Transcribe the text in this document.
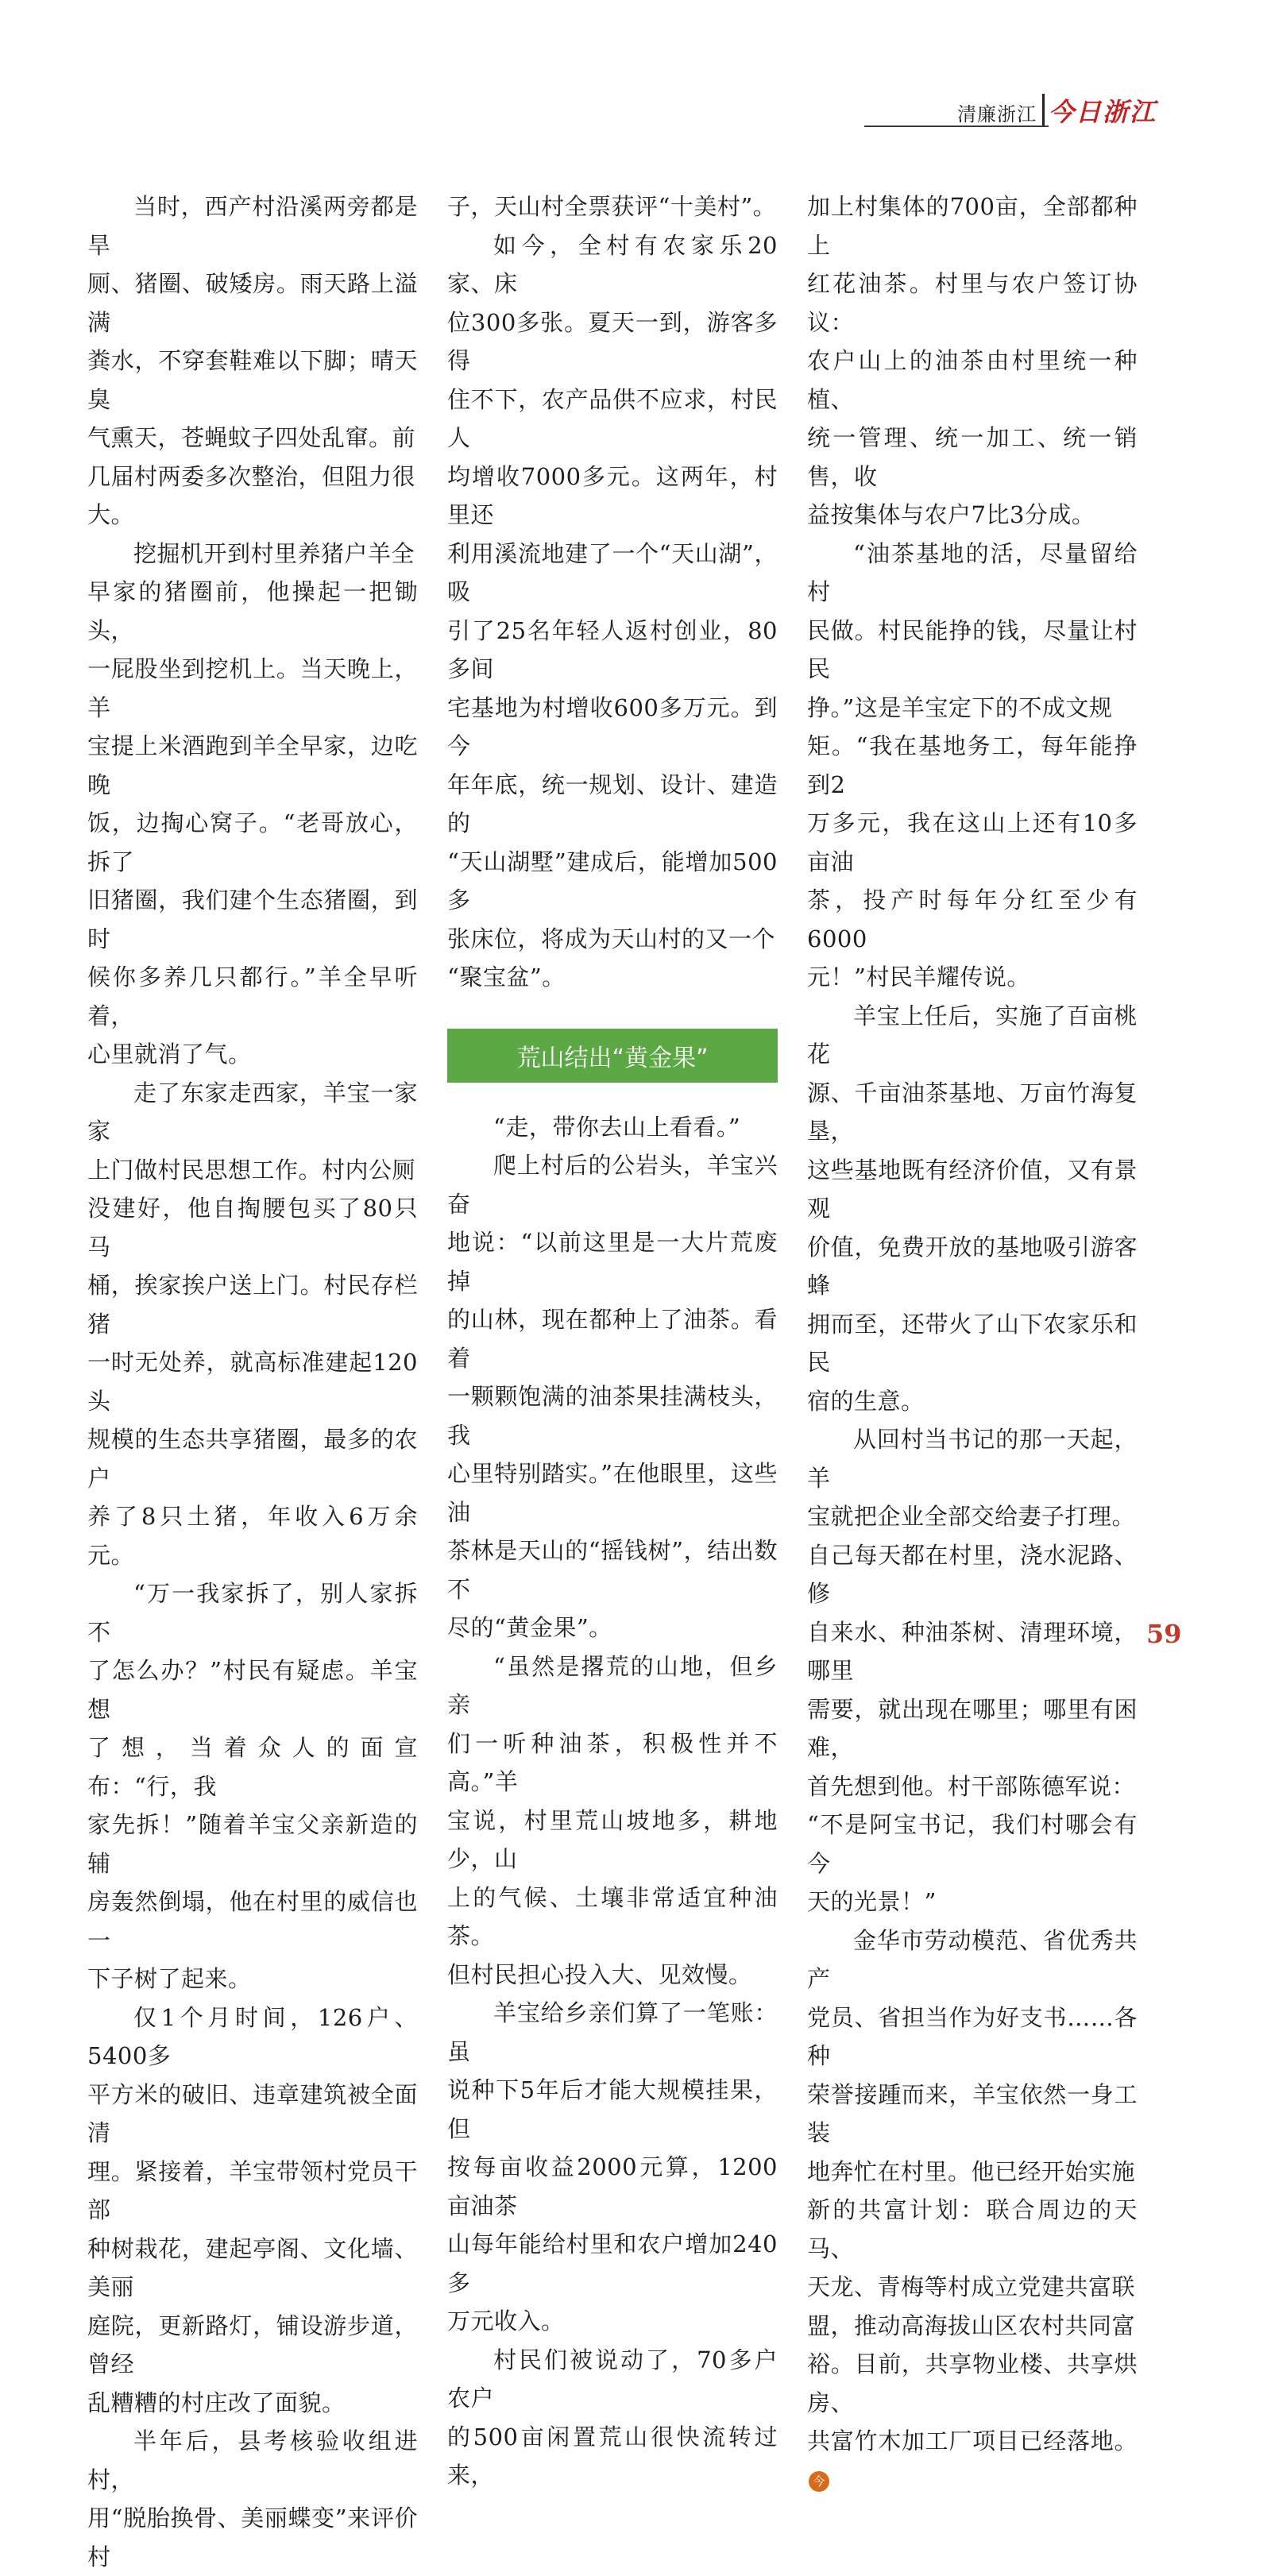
清廉浙江 今日浙江

当时，西产村沿溪两旁都是旱
厕、猪圈、破矮房。雨天路上溢满
粪水，不穿套鞋难以下脚；晴天臭
气熏天，苍蝇蚊子四处乱窜。前
几届村两委多次整治，但阻力很
大。

挖掘机开到村里养猪户羊全
早家的猪圈前，他操起一把锄头，
一屁股坐到挖机上。当天晚上，羊
宝提上米酒跑到羊全早家，边吃晚
饭，边掏心窝子。“老哥放心，拆了
旧猪圈，我们建个生态猪圈，到时
候你多养几只都行。”羊全早听着，
心里就消了气。

走了东家走西家，羊宝一家家
上门做村民思想工作。村内公厕
没建好，他自掏腰包买了80只马
桶，挨家挨户送上门。村民存栏猪
一时无处养，就高标准建起120头
规模的生态共享猪圈，最多的农户
养了8只土猪，年收入6万余元。

“万一我家拆了，别人家拆不
了怎么办？”村民有疑虑。羊宝想
了想，当着众人的面宣布：“行，我
家先拆！”随着羊宝父亲新造的辅
房轰然倒塌，他在村里的威信也一
下子树了起来。

仅1个月时间，126户、5400多
平方米的破旧、违章建筑被全面清
理。紧接着，羊宝带领村党员干部
种树栽花，建起亭阁、文化墙、美丽
庭院，更新路灯，铺设游步道，曾经
乱糟糟的村庄改了面貌。

半年后，县考核验收组进村，
用“脱胎换骨、美丽蝶变”来评价村

子，天山村全票获评“十美村”。

如今，全村有农家乐20家、床
位300多张。夏天一到，游客多得
住不下，农产品供不应求，村民人
均增收7000多元。这两年，村里还
利用溪流地建了一个“天山湖”，吸
引了25名年轻人返村创业，80多间
宅基地为村增收600多万元。到今
年年底，统一规划、设计、建造的
“天山湖墅”建成后，能增加500多
张床位，将成为天山村的又一个
“聚宝盆”。

荒山结出“黄金果”

“走，带你去山上看看。”

爬上村后的公岩头，羊宝兴奋
地说：“以前这里是一大片荒废掉
的山林，现在都种上了油茶。看着
一颗颗饱满的油茶果挂满枝头，我
心里特别踏实。”在他眼里，这些油
茶林是天山的“摇钱树”，结出数不
尽的“黄金果”。

“虽然是撂荒的山地，但乡亲
们一听种油茶，积极性并不高。”羊
宝说，村里荒山坡地多，耕地少，山
上的气候、土壤非常适宜种油茶。
但村民担心投入大、见效慢。

羊宝给乡亲们算了一笔账：虽
说种下5年后才能大规模挂果，但
按每亩收益2000元算，1200亩油茶
山每年能给村里和农户增加240多
万元收入。

村民们被说动了，70多户农户
的500亩闲置荒山很快流转过来，

加上村集体的700亩，全部都种上
红花油茶。村里与农户签订协议：
农户山上的油茶由村里统一种植、
统一管理、统一加工、统一销售，收
益按集体与农户7比3分成。

“油茶基地的活，尽量留给村
民做。村民能挣的钱，尽量让村民
挣。”这是羊宝定下的不成文规
矩。“我在基地务工，每年能挣到2
万多元，我在这山上还有10多亩油
茶，投产时每年分红至少有6000
元！”村民羊耀传说。

羊宝上任后，实施了百亩桃花
源、千亩油茶基地、万亩竹海复垦，
这些基地既有经济价值，又有景观
价值，免费开放的基地吸引游客蜂
拥而至，还带火了山下农家乐和民
宿的生意。

从回村当书记的那一天起，羊
宝就把企业全部交给妻子打理。
自己每天都在村里，浇水泥路、修
自来水、种油茶树、清理环境，哪里
需要，就出现在哪里；哪里有困难，
首先想到他。村干部陈德军说：
“不是阿宝书记，我们村哪会有今
天的光景！”

金华市劳动模范、省优秀共产
党员、省担当作为好支书……各种
荣誉接踵而来，羊宝依然一身工装
地奔忙在村里。他已经开始实施
新的共富计划：联合周边的天马、
天龙、青梅等村成立党建共富联
盟，推动高海拔山区农村共同富
裕。目前，共享物业楼、共享烘房、
共富竹木加工厂项目已经落地。今

59
